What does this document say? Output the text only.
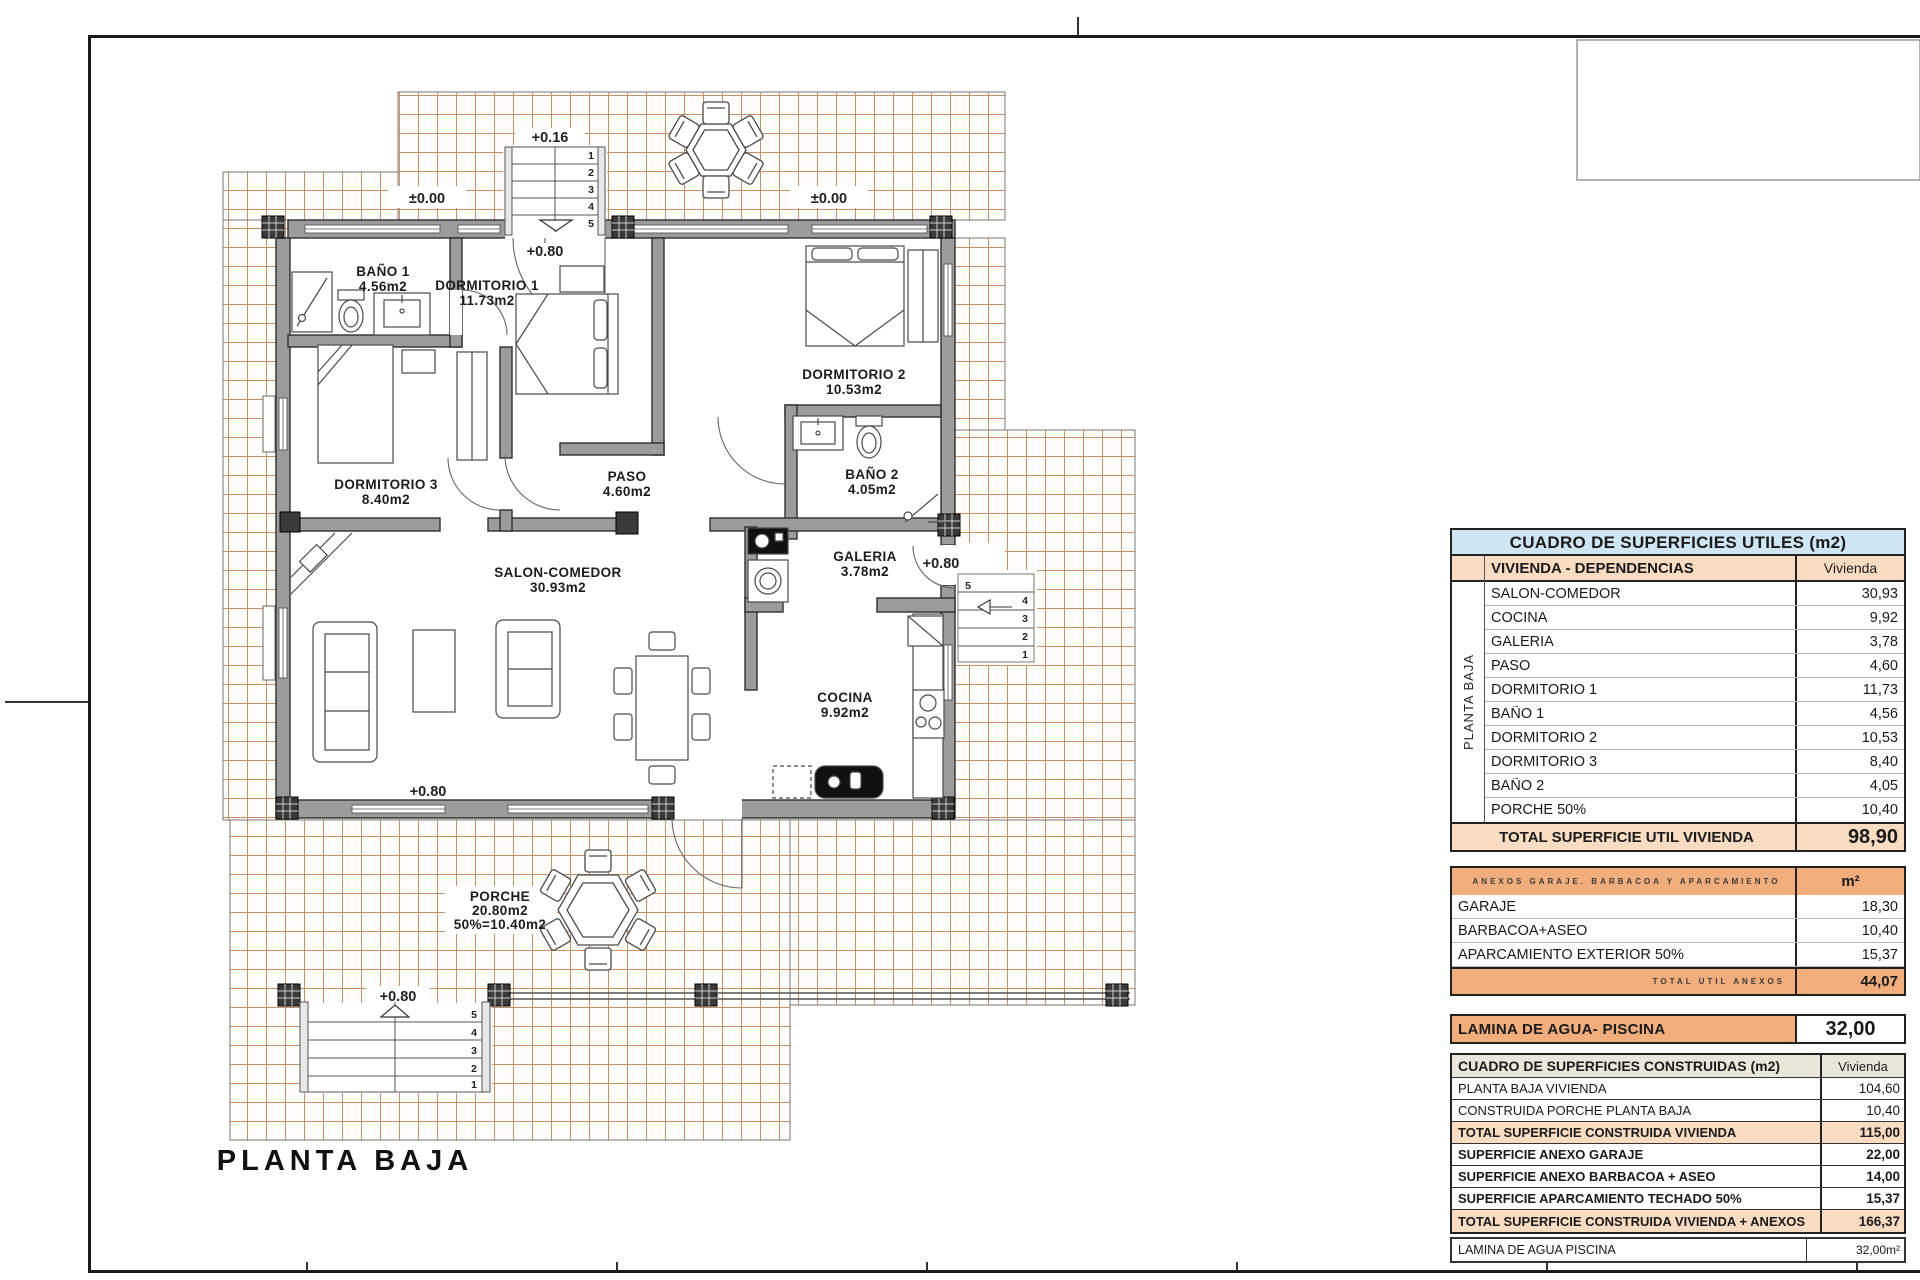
1
2
3
4
5
5
4
3
2
1
5
4
3
2
1
BAÑO 1
4.56m2 DORMITORIO 1
11.73m2
DORMITORIO 2
10.53m2
DORMITORIO 3
8.40m2
PASO
4.60m2
BAÑO 2
4.05m2
SALON-COMEDOR
30.93m2
GALERIA
3.78m2
COCINA
9.92m2
PORCHE
20.80m2
50%=10.40m2
+0.16
±0.00	±0.00
+0.80
+0.80
+0.80
+0.80
PLANTA BAJA
CUADRO DE SUPERFICIES UTILES (m2)
PLANTA BAJA
VIVIENDA - DEPENDENCIAS	Vivienda
SALON-COMEDOR	30,93
COCINA	9,92
GALERIA	3,78
PASO	4,60
DORMITORIO 1	11,73
BAÑO 1	4,56
DORMITORIO 2	10,53
DORMITORIO 3	8,40
BAÑO 2	4,05
PORCHE 50%	10,40
TOTAL SUPERFICIE UTIL VIVIENDA	98,90
ANEXOS GARAJE. BARBACOA Y APARCAMIENTO	m²
GARAJE	18,30
BARBACOA+ASEO	10,40
APARCAMIENTO EXTERIOR 50%	15,37
TOTAL UTIL ANEXOS	44,07
LAMINA DE AGUA- PISCINA	32,00
CUADRO DE SUPERFICIES CONSTRUIDAS (m2)	Vivienda
PLANTA BAJA VIVIENDA	104,60
CONSTRUIDA PORCHE PLANTA BAJA	10,40
TOTAL SUPERFICIE CONSTRUIDA VIVIENDA	115,00
SUPERFICIE ANEXO GARAJE	22,00
SUPERFICIE ANEXO BARBACOA + ASEO	14,00
SUPERFICIE APARCAMIENTO TECHADO 50%	15,37
TOTAL SUPERFICIE CONSTRUIDA VIVIENDA + ANEXOS	166,37
LAMINA DE AGUA PISCINA	32,00m²
